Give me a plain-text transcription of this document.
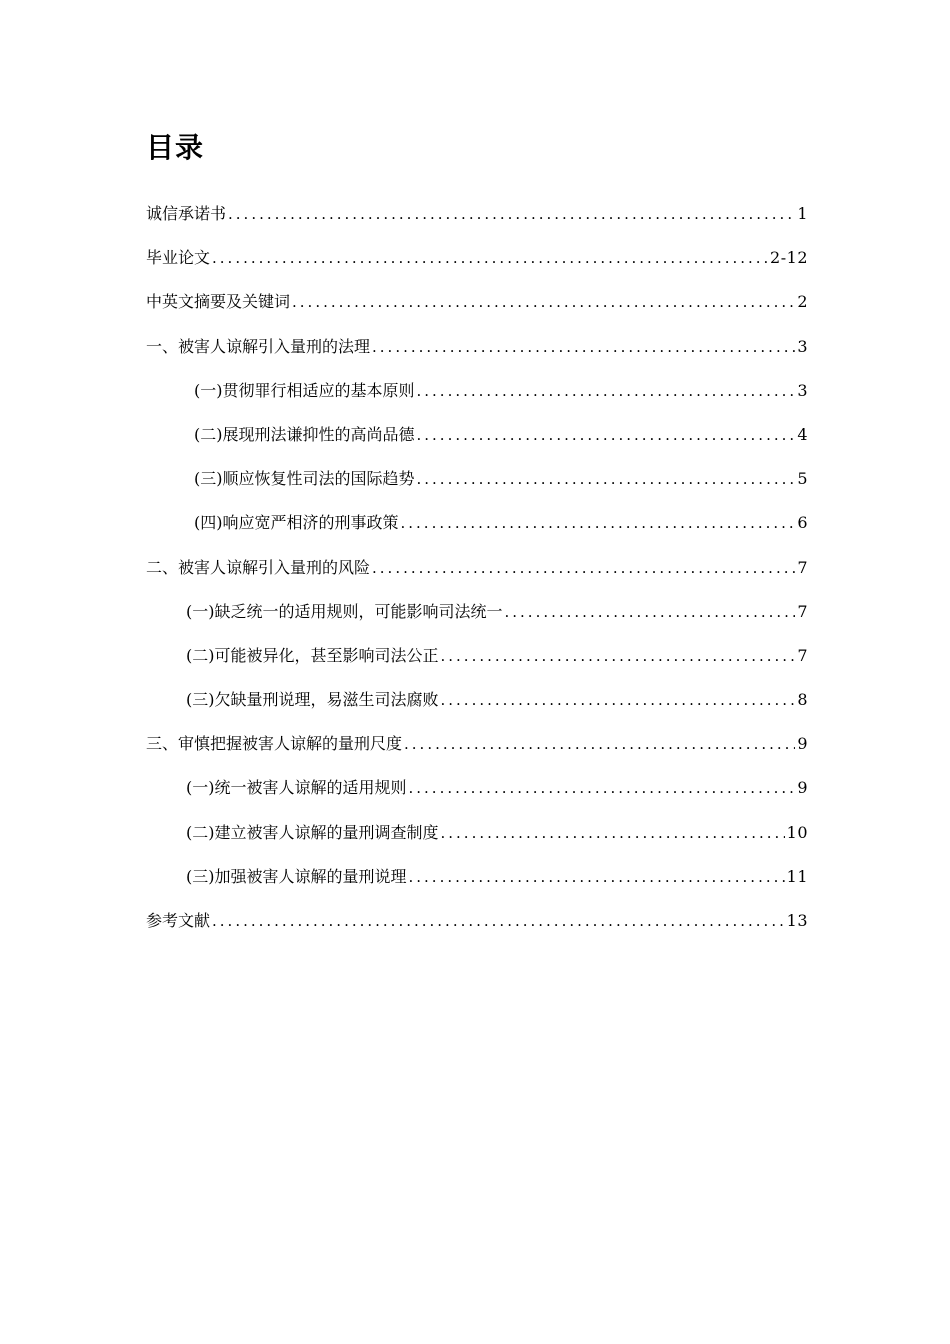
目录
诚信承诺书 .....	1
毕业论文 .....	2-12
中英文摘要及关键词 .....	2
一、被害人谅解引入量刑的法理 .....	3
(一)贯彻罪行相适应的基本原则 .....	3
(二)展现刑法谦抑性的高尚品德 .....	4
(三)顺应恢复性司法的国际趋势 .....	5
(四)响应宽严相济的刑事政策 .....	6
二、被害人谅解引入量刑的风险 .....	7
(一)缺乏统一的适用规则，可能影响司法统一 .....	7
(二)可能被异化，甚至影响司法公正 .....	7
(三)欠缺量刑说理，易滋生司法腐败 .....	8
三、审慎把握被害人谅解的量刑尺度 .....	9
(一)统一被害人谅解的适用规则 .....	9
(二)建立被害人谅解的量刑调查制度 .....	10
(三)加强被害人谅解的量刑说理 .....	11
参考文献 .....	13
